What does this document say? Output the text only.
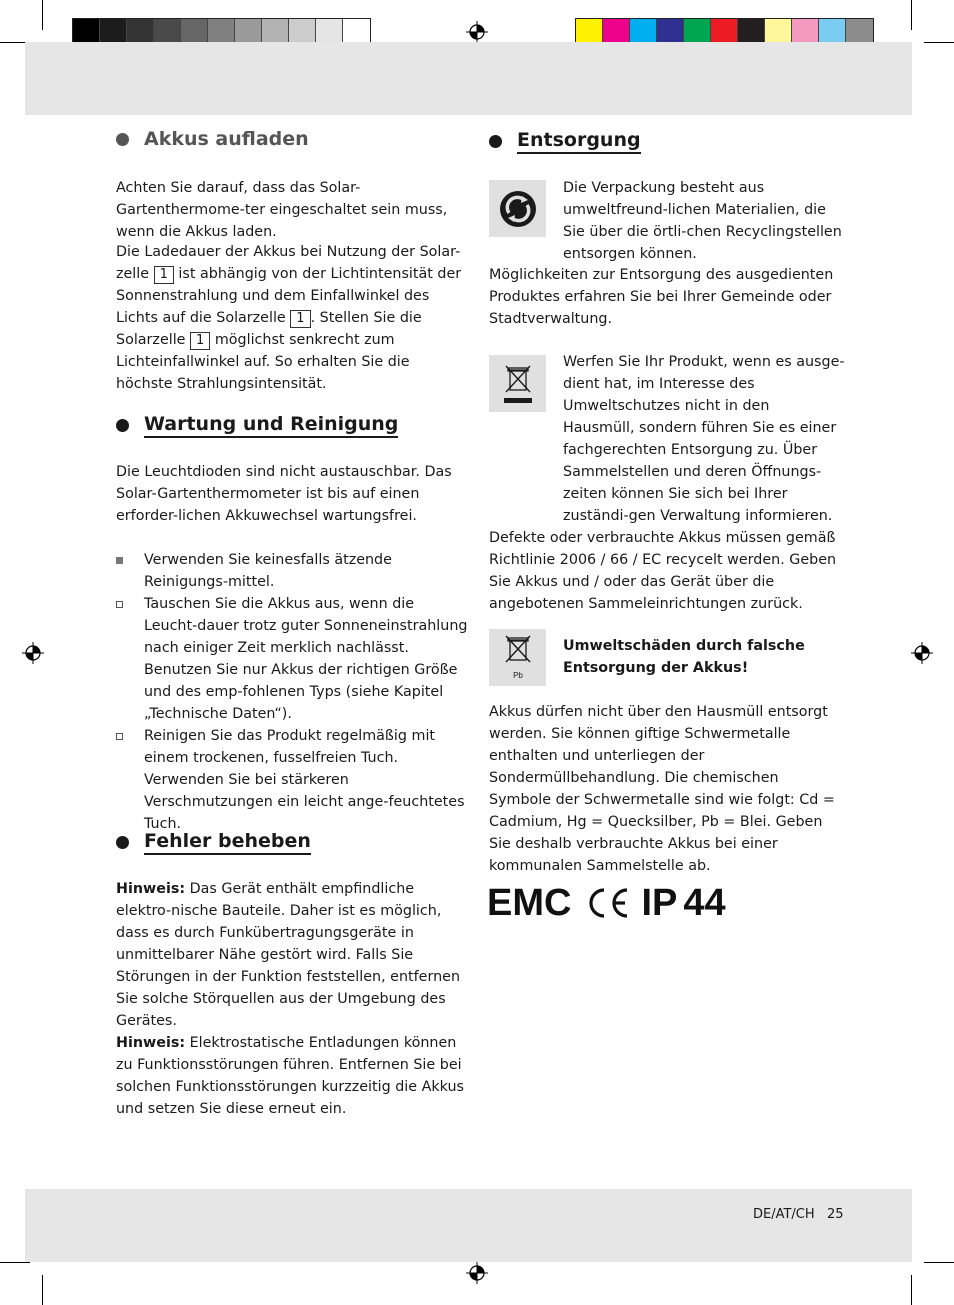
Akkus aufladen

Achten Sie darauf, dass das Solar-Gartenthermome-ter eingeschaltet sein muss, wenn die Akkus laden.

Die Ladedauer der Akkus bei Nutzung der Solar-zelle 1 ist abhängig von der Lichtintensität der Sonnenstrahlung und dem Einfallwinkel des Lichts auf die Solarzelle 1 . Stellen Sie die Solarzelle 1 möglichst senkrecht zum Lichteinfallwinkel auf. So erhalten Sie die höchste Strahlungsintensität.

Wartung und Reinigung

Die Leuchtdioden sind nicht austauschbar. Das Solar-Gartenthermometer ist bis auf einen erforder-lichen Akkuwechsel wartungsfrei.

Verwenden Sie keinesfalls ätzende Reinigungs-mittel.
Tauschen Sie die Akkus aus, wenn die Leucht-dauer trotz guter Sonneneinstrahlung nach einiger Zeit merklich nachlässt. Benutzen Sie nur Akkus der richtigen Größe und des emp-fohlenen Typs (siehe Kapitel „Technische Daten“).
Reinigen Sie das Produkt regelmäßig mit einem trockenen, fusselfreien Tuch. Verwenden Sie bei stärkeren Verschmutzungen ein leicht ange-feuchtetes Tuch.
Fehler beheben

Hinweis: Das Gerät enthält empfindliche elektro-nische Bauteile. Daher ist es möglich, dass es durch Funkübertragungsgeräte in unmittelbarer Nähe gestört wird. Falls Sie Störungen in der Funktion feststellen, entfernen Sie solche Störquellen aus der Umgebung des Gerätes.

Hinweis: Elektrostatische Entladungen können zu Funktionsstörungen führen. Entfernen Sie bei solchen Funktionsstörungen kurzzeitig die Akkus und setzen Sie diese erneut ein.

Entsorgung

Die Verpackung besteht aus umweltfreund-lichen Materialien, die Sie über die örtli-chen Recyclingstellen entsorgen können.

Möglichkeiten zur Entsorgung des ausgedienten Produktes erfahren Sie bei Ihrer Gemeinde oder Stadtverwaltung.

Werfen Sie Ihr Produkt, wenn es ausge-dient hat, im Interesse des Umweltschutzes nicht in den Hausmüll, sondern führen Sie es einer fachgerechten Entsorgung zu. Über Sammelstellen und deren Öffnungs-zeiten können Sie sich bei Ihrer zuständi-gen Verwaltung informieren.

Defekte oder verbrauchte Akkus müssen gemäß Richtlinie 2006 / 66 / EC recycelt werden. Geben Sie Akkus und / oder das Gerät über die angebotenen Sammeleinrichtungen zurück.

Pb

Umweltschäden durch falsche Entsorgung der Akkus!

Akkus dürfen nicht über den Hausmüll entsorgt werden. Sie können giftige Schwermetalle enthalten und unterliegen der Sondermüllbehandlung. Die chemischen Symbole der Schwermetalle sind wie folgt: Cd = Cadmium, Hg = Quecksilber, Pb = Blei. Geben Sie deshalb verbrauchte Akkus bei einer kommunalen Sammelstelle ab.

EMC IP 44
DE/AT/CH 25
